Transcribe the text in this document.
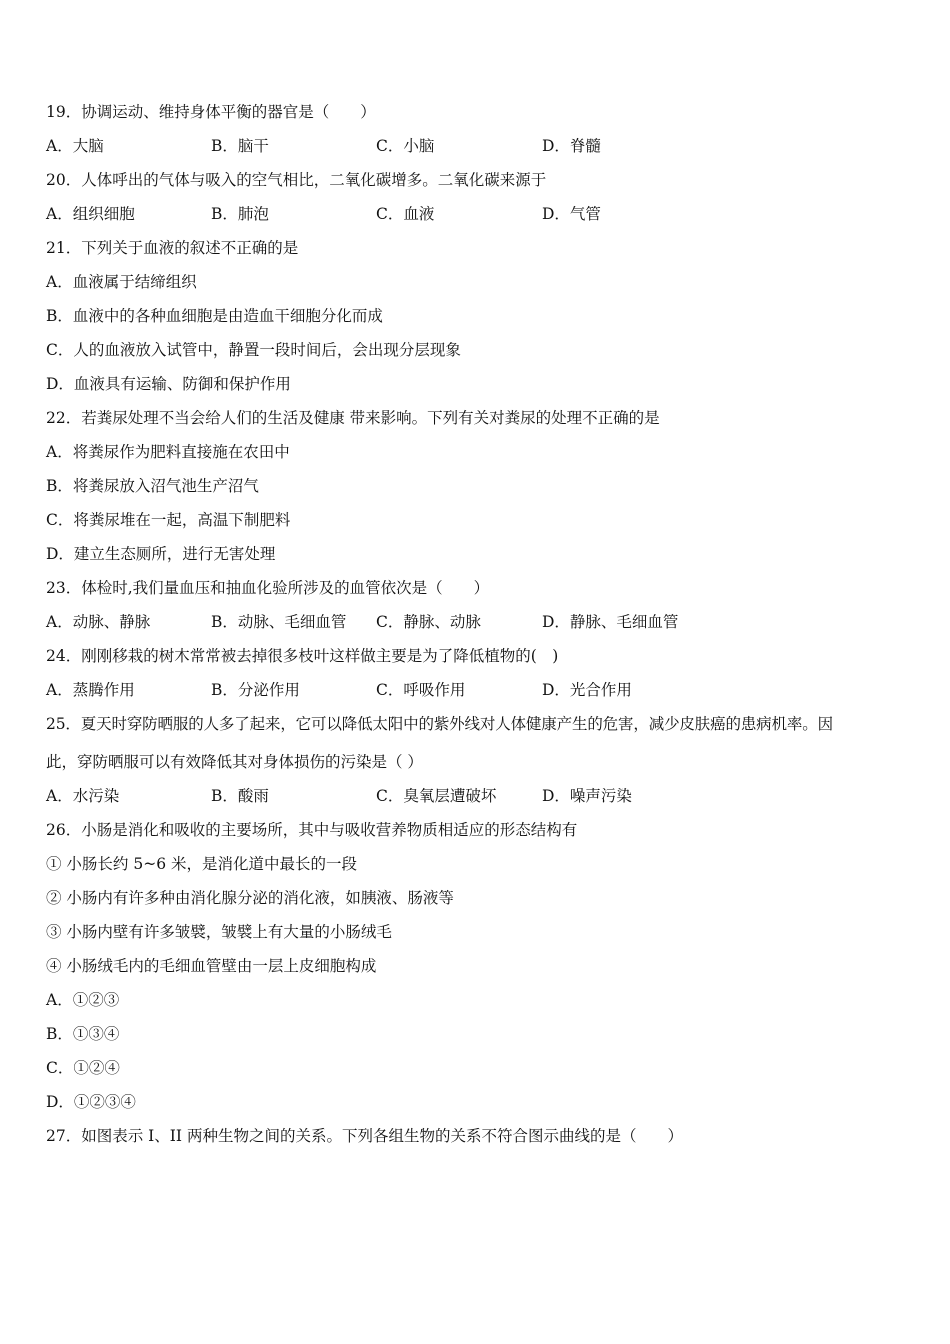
19．协调运动、维持身体平衡的器官是（　　）
A．大脑	B．脑干	C．小脑	D．脊髓
20．人体呼出的气体与吸入的空气相比，二氧化碳增多。二氧化碳来源于
A．组织细胞	B．肺泡	C．血液	D．气管
21．下列关于血液的叙述不正确的是
A．血液属于结缔组织
B．血液中的各种血细胞是由造血干细胞分化而成
C．人的血液放入试管中，静置一段时间后，会出现分层现象
D．血液具有运输、防御和保护作用
22．若粪尿处理不当会给人们的生活及健康 带来影响。下列有关对粪尿的处理不正确的是
A．将粪尿作为肥料直接施在农田中
B．将粪尿放入沼气池生产沼气
C．将粪尿堆在一起，高温下制肥料
D．建立生态厕所，进行无害处理
23．体检时,我们量血压和抽血化验所涉及的血管依次是（　　）
A．动脉、静脉	B．动脉、毛细血管 C．静脉、动脉	D．静脉、毛细血管
24．刚刚移栽的树木常常被去掉很多枝叶这样做主要是为了降低植物的(　)
A．蒸腾作用	B．分泌作用	C．呼吸作用	D．光合作用
25．夏天时穿防晒服的人多了起来，它可以降低太阳中的紫外线对人体健康产生的危害，减少皮肤癌的患病机率。因
此，穿防晒服可以有效降低其对身体损伤的污染是（ ）
A．水污染	B．酸雨	C．臭氧层遭破坏	D．噪声污染
26．小肠是消化和吸收的主要场所，其中与吸收营养物质相适应的形态结构有
① 小肠长约 5~6 米，是消化道中最长的一段
② 小肠内有许多种由消化腺分泌的消化液，如胰液、肠液等
③ 小肠内壁有许多皱襞，皱襞上有大量的小肠绒毛
④ 小肠绒毛内的毛细血管壁由一层上皮细胞构成
A．①②③
B．①③④
C．①②④
D．①②③④
27．如图表示 I、II 两种生物之间的关系。下列各组生物的关系不符合图示曲线的是（　　）
